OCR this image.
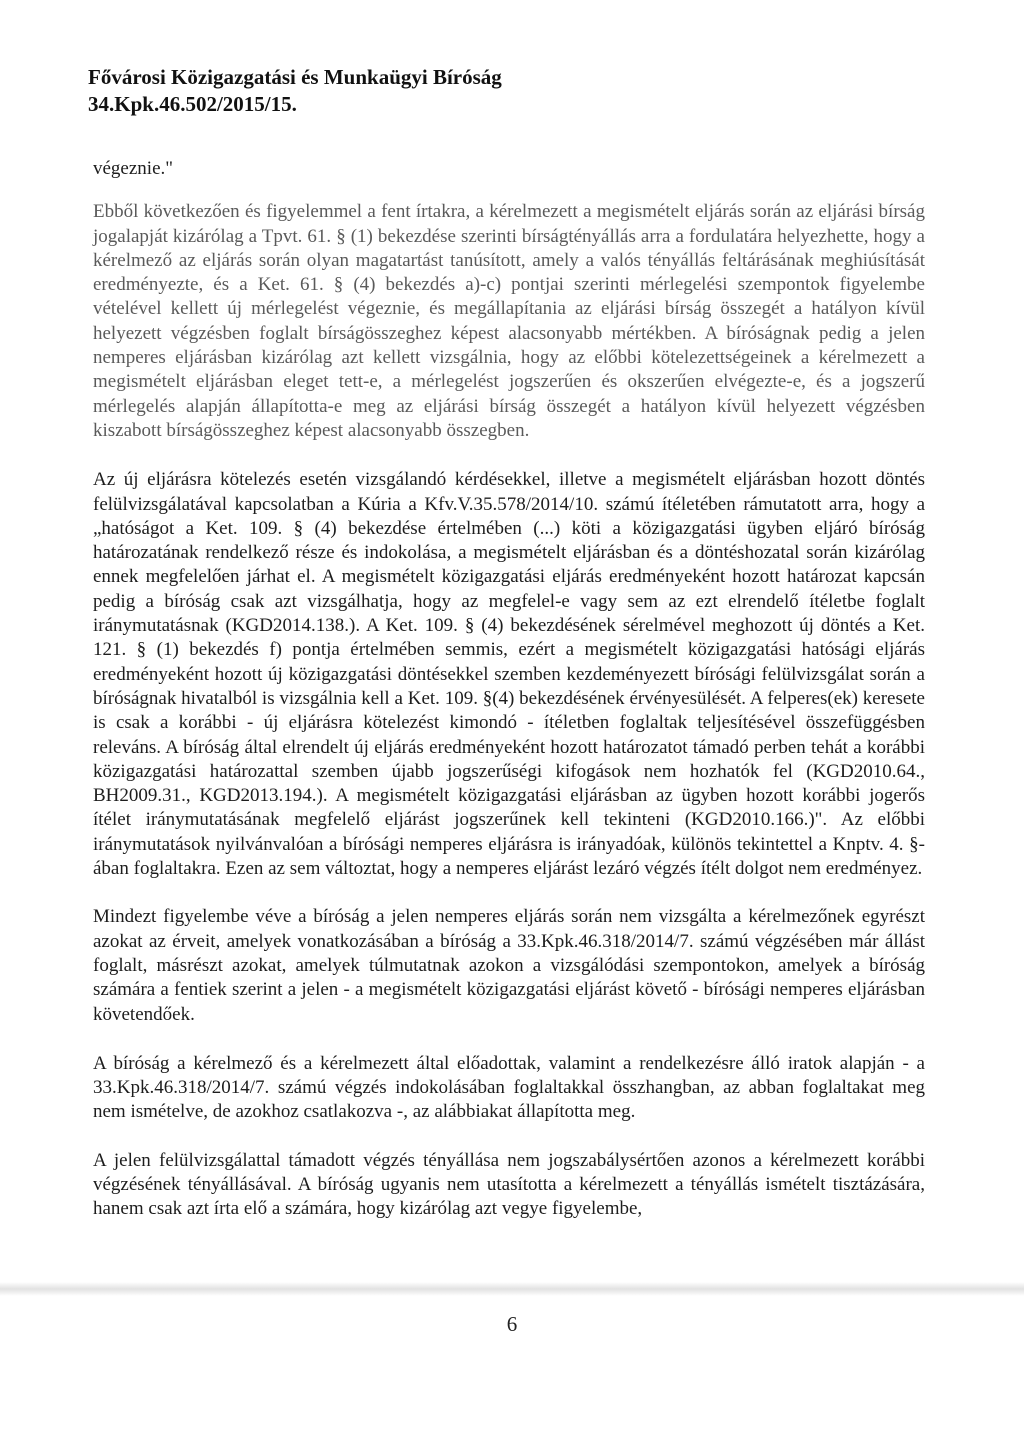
Fővárosi Közigazgatási és Munkaügyi Bíróság
34.Kpk.46.502/2015/15.

végeznie."

Ebből következően és figyelemmel a fent írtakra, a kérelmezett a megismételt eljárás során az eljárási bírság jogalapját kizárólag a Tpvt. 61. § (1) bekezdése szerinti bírságtényállás arra a fordulatára helyezhette, hogy a kérelmező az eljárás során olyan magatartást tanúsított, amely a valós tényállás feltárásának meghiúsítását eredményezte, és a Ket. 61. § (4) bekezdés a)-c) pontjai szerinti mérlegelési szempontok figyelembe vételével kellett új mérlegelést végeznie, és megállapítania az eljárási bírság összegét a hatályon kívül helyezett végzésben foglalt bírságösszeghez képest alacsonyabb mértékben. A bíróságnak pedig a jelen nemperes eljárásban kizárólag azt kellett vizsgálnia, hogy az előbbi kötelezettségeinek a kérelmezett a megismételt eljárásban eleget tett-e, a mérlegelést jogszerűen és okszerűen elvégezte-e, és a jogszerű mérlegelés alapján állapította-e meg az eljárási bírság összegét a hatályon kívül helyezett végzésben kiszabott bírságösszeghez képest alacsonyabb összegben.

Az új eljárásra kötelezés esetén vizsgálandó kérdésekkel, illetve a megismételt eljárásban hozott döntés felülvizsgálatával kapcsolatban a Kúria a Kfv.V.35.578/2014/10. számú ítéletében rámutatott arra, hogy a „hatóságot a Ket. 109. § (4) bekezdése értelmében (...) köti a közigazgatási ügyben eljáró bíróság határozatának rendelkező része és indokolása, a megismételt eljárásban és a döntéshozatal során kizárólag ennek megfelelően járhat el. A megismételt közigazgatási eljárás eredményeként hozott határozat kapcsán pedig a bíróság csak azt vizsgálhatja, hogy az megfelel-e vagy sem az ezt elrendelő ítéletbe foglalt iránymutatásnak (KGD2014.138.). A Ket. 109. § (4) bekezdésének sérelmével meghozott új döntés a Ket. 121. § (1) bekezdés f) pontja értelmében semmis, ezért a megismételt közigazgatási hatósági eljárás eredményeként hozott új közigazgatási döntésekkel szemben kezdeményezett bírósági felülvizsgálat során a bíróságnak hivatalból is vizsgálnia kell a Ket. 109. §(4) bekezdésének érvényesülését. A felperes(ek) keresete is csak a korábbi - új eljárásra kötelezést kimondó - ítéletben foglaltak teljesítésével összefüggésben releváns. A bíróság által elrendelt új eljárás eredményeként hozott határozatot támadó perben tehát a korábbi közigazgatási határozattal szemben újabb jogszerűségi kifogások nem hozhatók fel (KGD2010.64., BH2009.31., KGD2013.194.). A megismételt közigazgatási eljárásban az ügyben hozott korábbi jogerős ítélet iránymutatásának megfelelő eljárást jogszerűnek kell tekinteni (KGD2010.166.)". Az előbbi iránymutatások nyilvánvalóan a bírósági nemperes eljárásra is irányadóak, különös tekintettel a Knptv. 4. §-ában foglaltakra. Ezen az sem változtat, hogy a nemperes eljárást lezáró végzés ítélt dolgot nem eredményez.

Mindezt figyelembe véve a bíróság a jelen nemperes eljárás során nem vizsgálta a kérelmezőnek egyrészt azokat az érveit, amelyek vonatkozásában a bíróság a 33.Kpk.46.318/2014/7. számú végzésében már állást foglalt, másrészt azokat, amelyek túlmutatnak azokon a vizsgálódási szempontokon, amelyek a bíróság számára a fentiek szerint a jelen - a megismételt közigazgatási eljárást követő - bírósági nemperes eljárásban követendőek.

A bíróság a kérelmező és a kérelmezett által előadottak, valamint a rendelkezésre álló iratok alapján - a 33.Kpk.46.318/2014/7. számú végzés indokolásában foglaltakkal összhangban, az abban foglaltakat meg nem ismételve, de azokhoz csatlakozva -, az alábbiakat állapította meg.

A jelen felülvizsgálattal támadott végzés tényállása nem jogszabálysértően azonos a kérelmezett korábbi végzésének tényállásával. A bíróság ugyanis nem utasította a kérelmezett a tényállás ismételt tisztázására, hanem csak azt írta elő a számára, hogy kizárólag azt vegye figyelembe,

6
